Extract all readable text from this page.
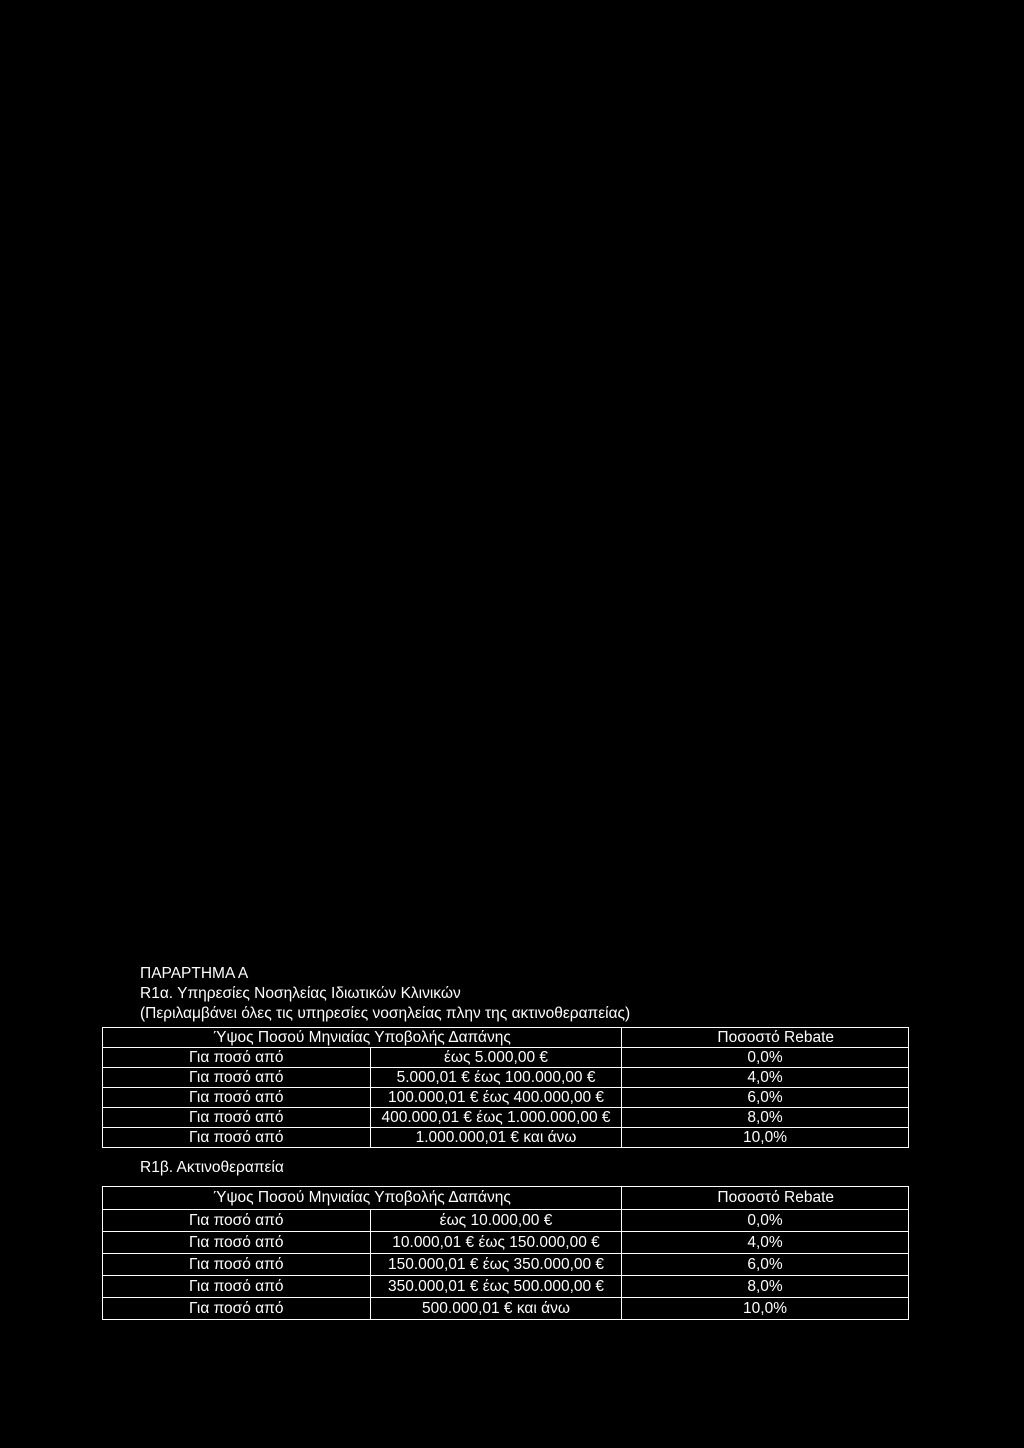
ΠΑΡΑΡΤΗΜΑ Α
R1α. Υπηρεσίες Νοσηλείας Ιδιωτικών Κλινικών
(Περιλαμβάνει όλες τις υπηρεσίες νοσηλείας πλην της ακτινοθεραπείας)
Ύψος Ποσού Μηνιαίας Υποβολής Δαπάνης		Ποσοστό Rebate
Για ποσό από	έως 5.000,00 €	0,0%
Για ποσό από	5.000,01 € έως 100.000,00 €	4,0%
Για ποσό από	100.000,01 € έως 400.000,00 €	6,0%
Για ποσό από	400.000,01 € έως 1.000.000,00 €	8,0%
Για ποσό από	1.000.000,01 € και άνω	10,0%
R1β. Ακτινοθεραπεία
Ύψος Ποσού Μηνιαίας Υποβολής Δαπάνης		Ποσοστό Rebate
Για ποσό από	έως 10.000,00 €	0,0%
Για ποσό από	10.000,01 € έως 150.000,00 €	4,0%
Για ποσό από	150.000,01 € έως 350.000,00 €	6,0%
Για ποσό από	350.000,01 € έως 500.000,00 €	8,0%
Για ποσό από	500.000,01 € και άνω	10,0%
